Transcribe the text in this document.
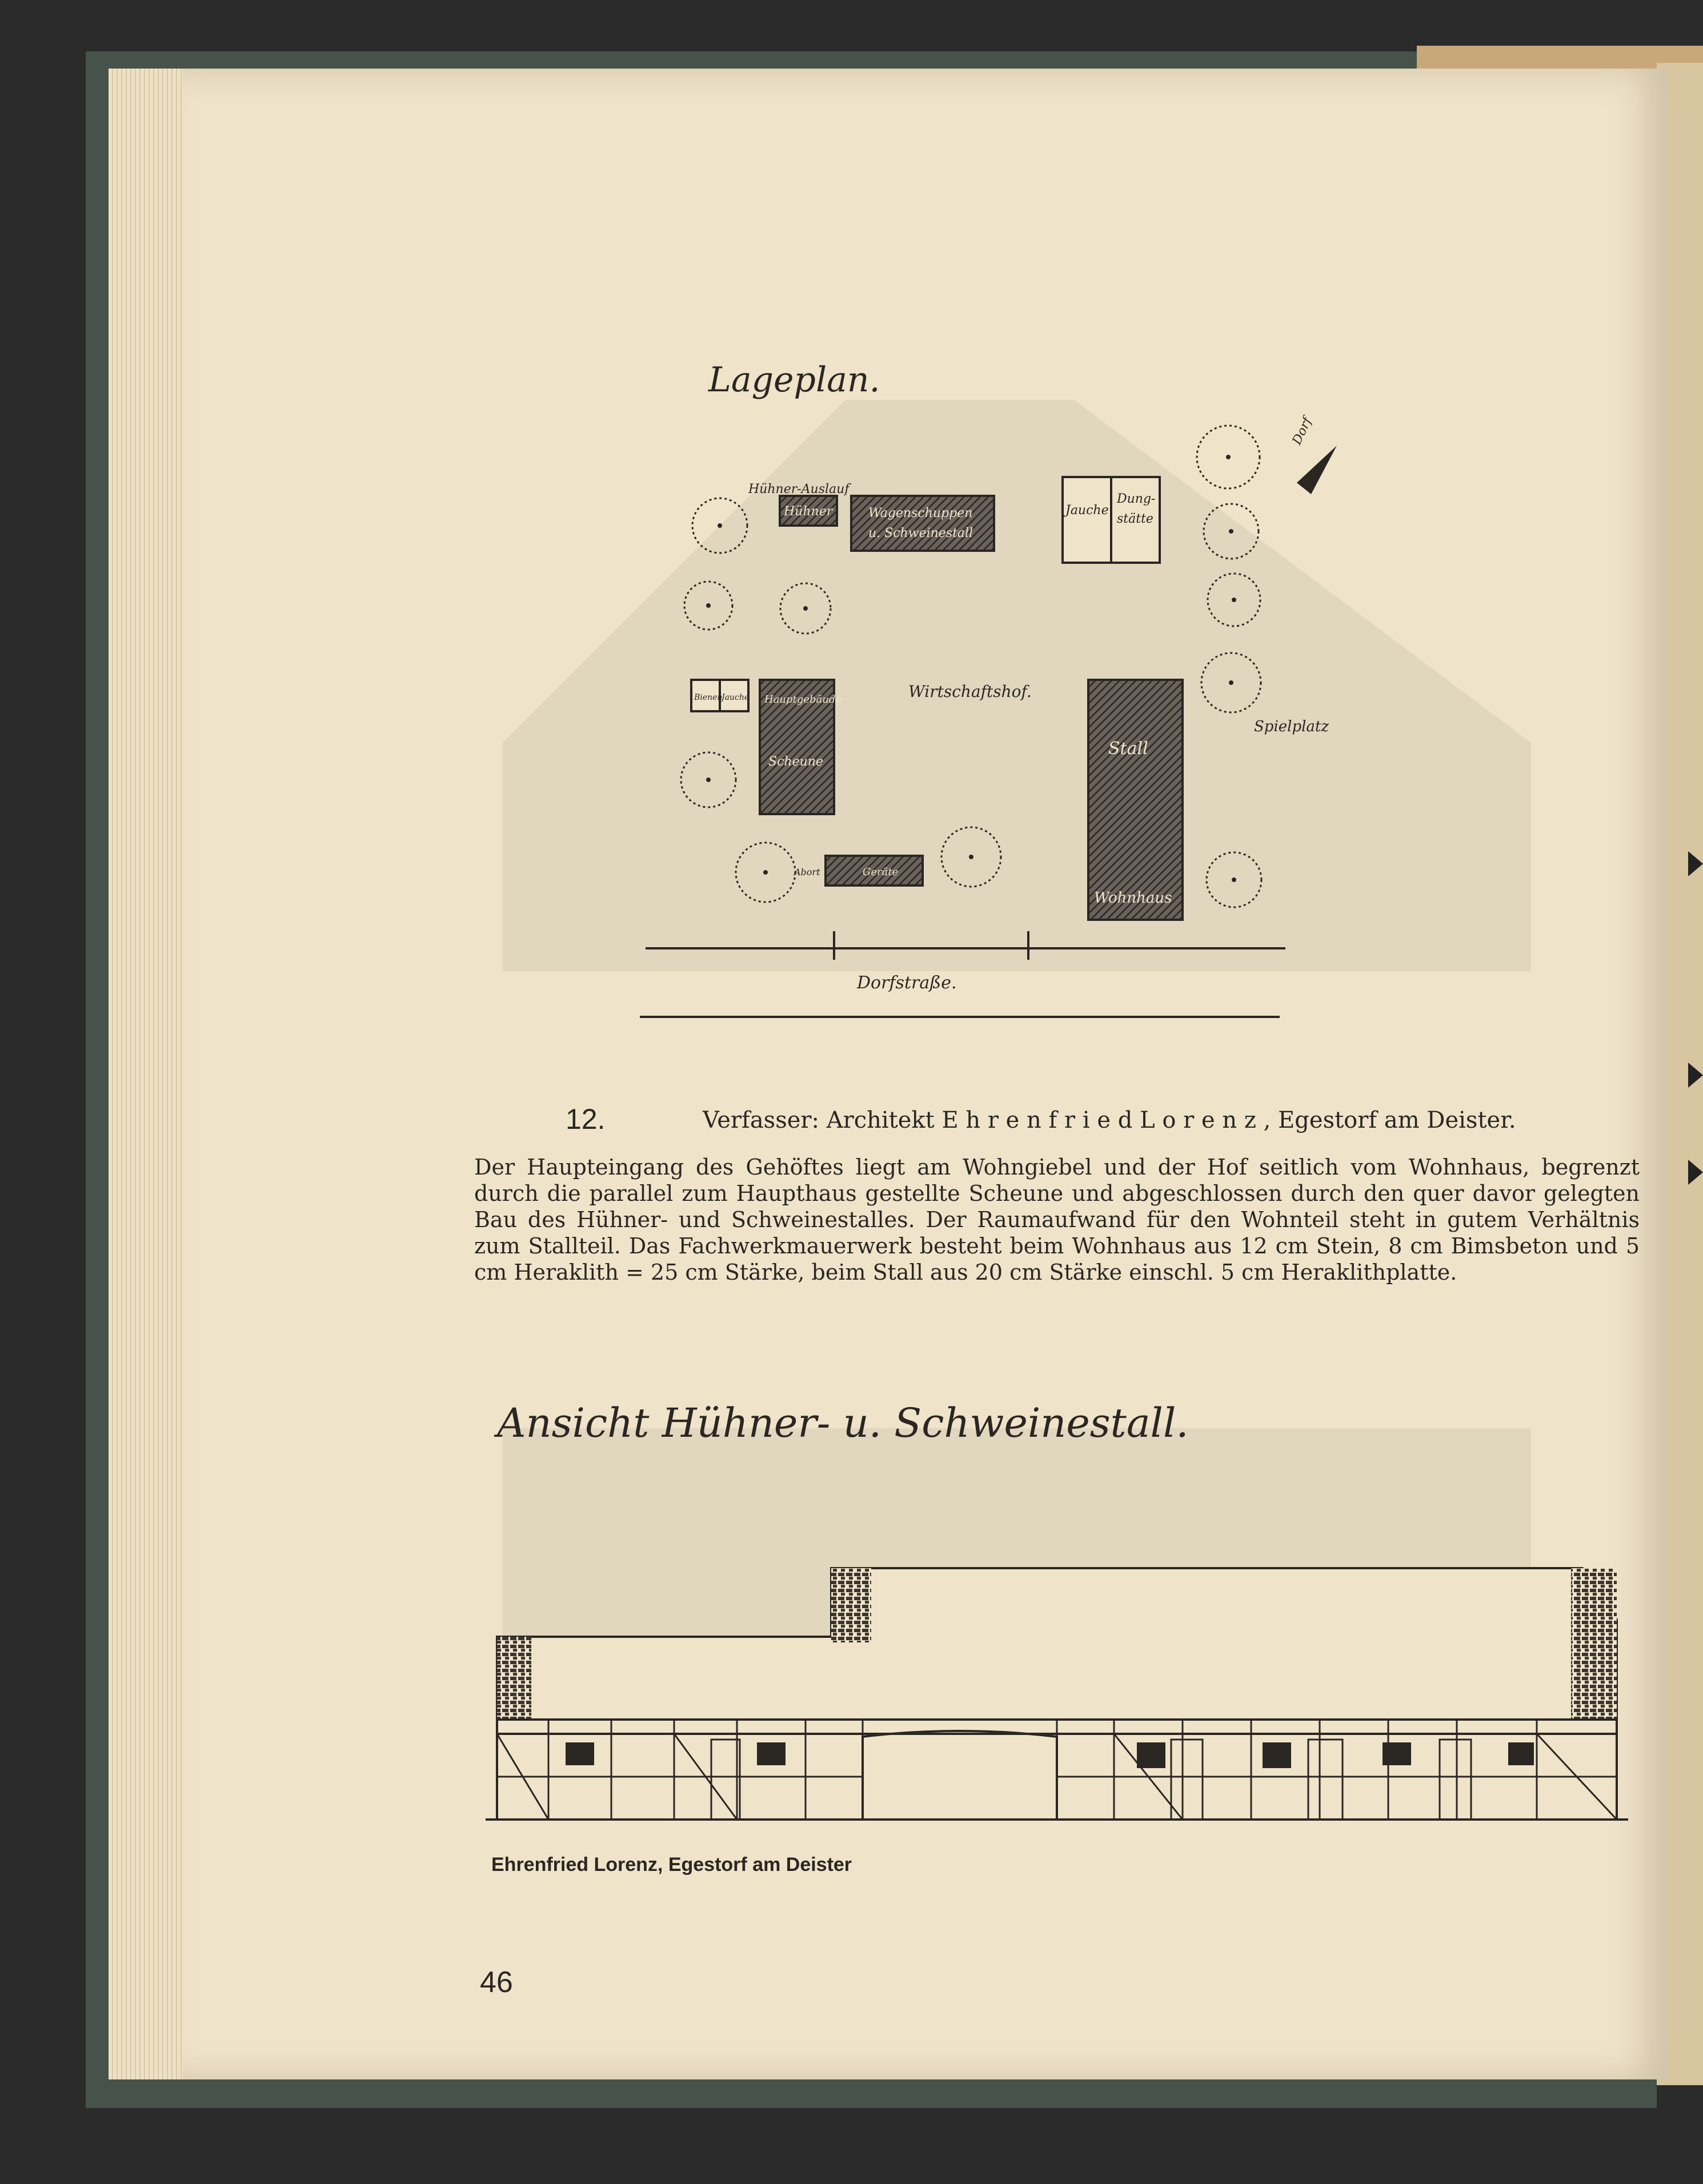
Lageplan.
Hühner-Auslauf
Hühner	Wagenschuppen
u. Schweinestall
Jauche
Dung-
stätte
Dorf
Bienen
Jauche Hauptgebäude	Wirtschaftshof.
Stall
Scheune
Abort	Geräte
Spielplatz
Wohnhaus
Dorfstraße.
12.	Verfasser: Architekt E h r e n f r i e d L o r e n z , Egestorf am Deister.
Der Haupteingang des Gehöftes liegt am Wohngiebel und der Hof seitlich vom Wohnhaus, begrenzt durch die parallel zum Haupthaus gestellte Scheune und abgeschlossen durch den quer davor gelegten Bau des Hühner- und Schweinestalles. Der Raumaufwand für den Wohnteil steht in gutem Verhältnis zum Stallteil. Das Fachwerkmauerwerk besteht beim Wohnhaus aus 12 cm Stein, 8 cm Bimsbeton und 5 cm Heraklith = 25 cm Stärke, beim Stall aus 20 cm Stärke einschl. 5 cm Heraklithplatte.
Ansicht Hühner- u. Schweinestall.
Ehrenfried Lorenz, Egestorf am Deister
46
